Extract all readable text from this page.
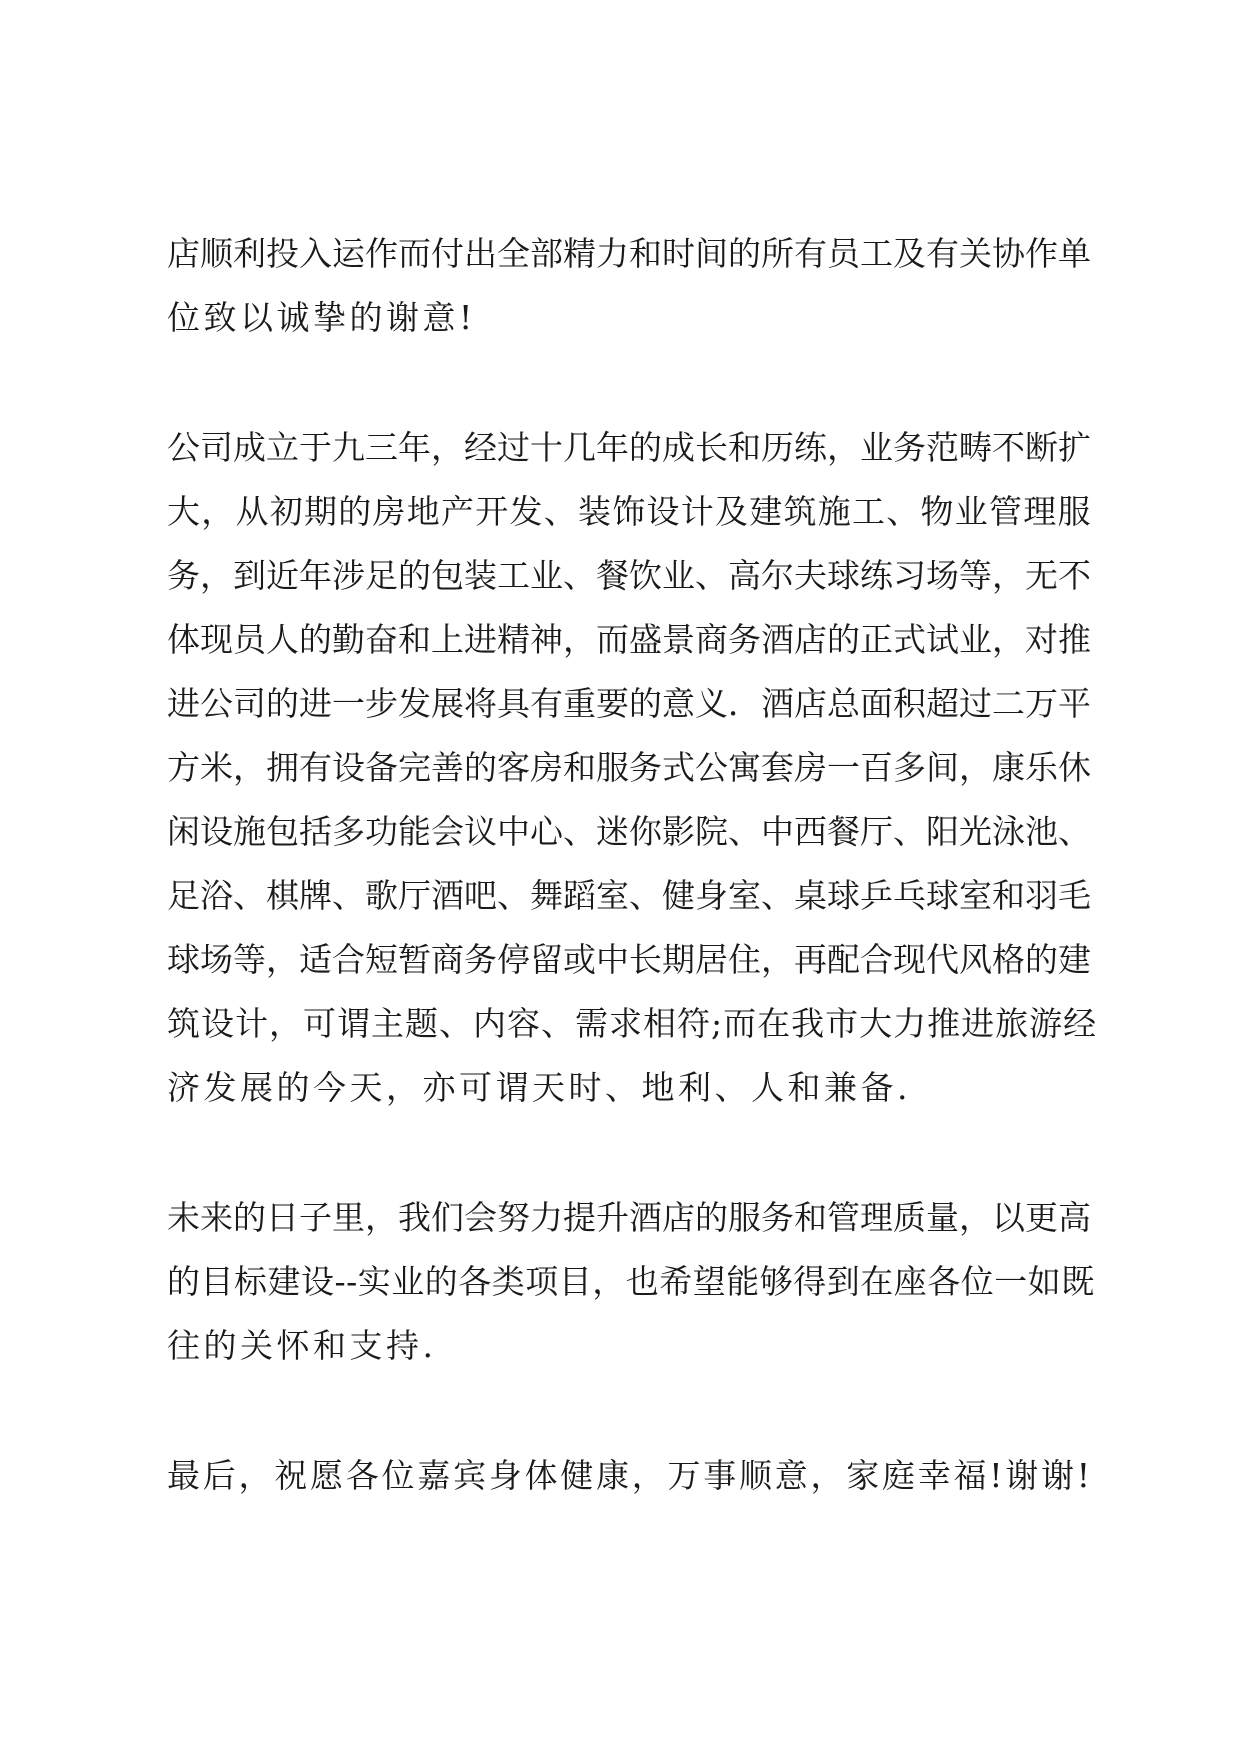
店顺利投入运作而付出全部精力和时间的所有员工及有关协作单
位致以诚挚的谢意!
公司成立于九三年，经过十几年的成长和历练，业务范畴不断扩
大，从初期的房地产开发、装饰设计及建筑施工、物业管理服
务，到近年涉足的包装工业、餐饮业、高尔夫球练习场等，无不
体现员人的勤奋和上进精神，而盛景商务酒店的正式试业，对推
进公司的进一步发展将具有重要的意义．酒店总面积超过二万平
方米，拥有设备完善的客房和服务式公寓套房一百多间，康乐休
闲设施包括多功能会议中心、迷你影院、中西餐厅、阳光泳池、
足浴、棋牌、歌厅酒吧、舞蹈室、健身室、桌球乒乓球室和羽毛
球场等，适合短暂商务停留或中长期居住，再配合现代风格的建
筑设计，可谓主题、内容、需求相符;而在我市大力推进旅游经
济发展的今天，亦可谓天时、地利、人和兼备.
未来的日子里，我们会努力提升酒店的服务和管理质量，以更高
的目标建设--实业的各类项目，也希望能够得到在座各位一如既
往的关怀和支持.
最后，祝愿各位嘉宾身体健康，万事顺意，家庭幸福!谢谢!
